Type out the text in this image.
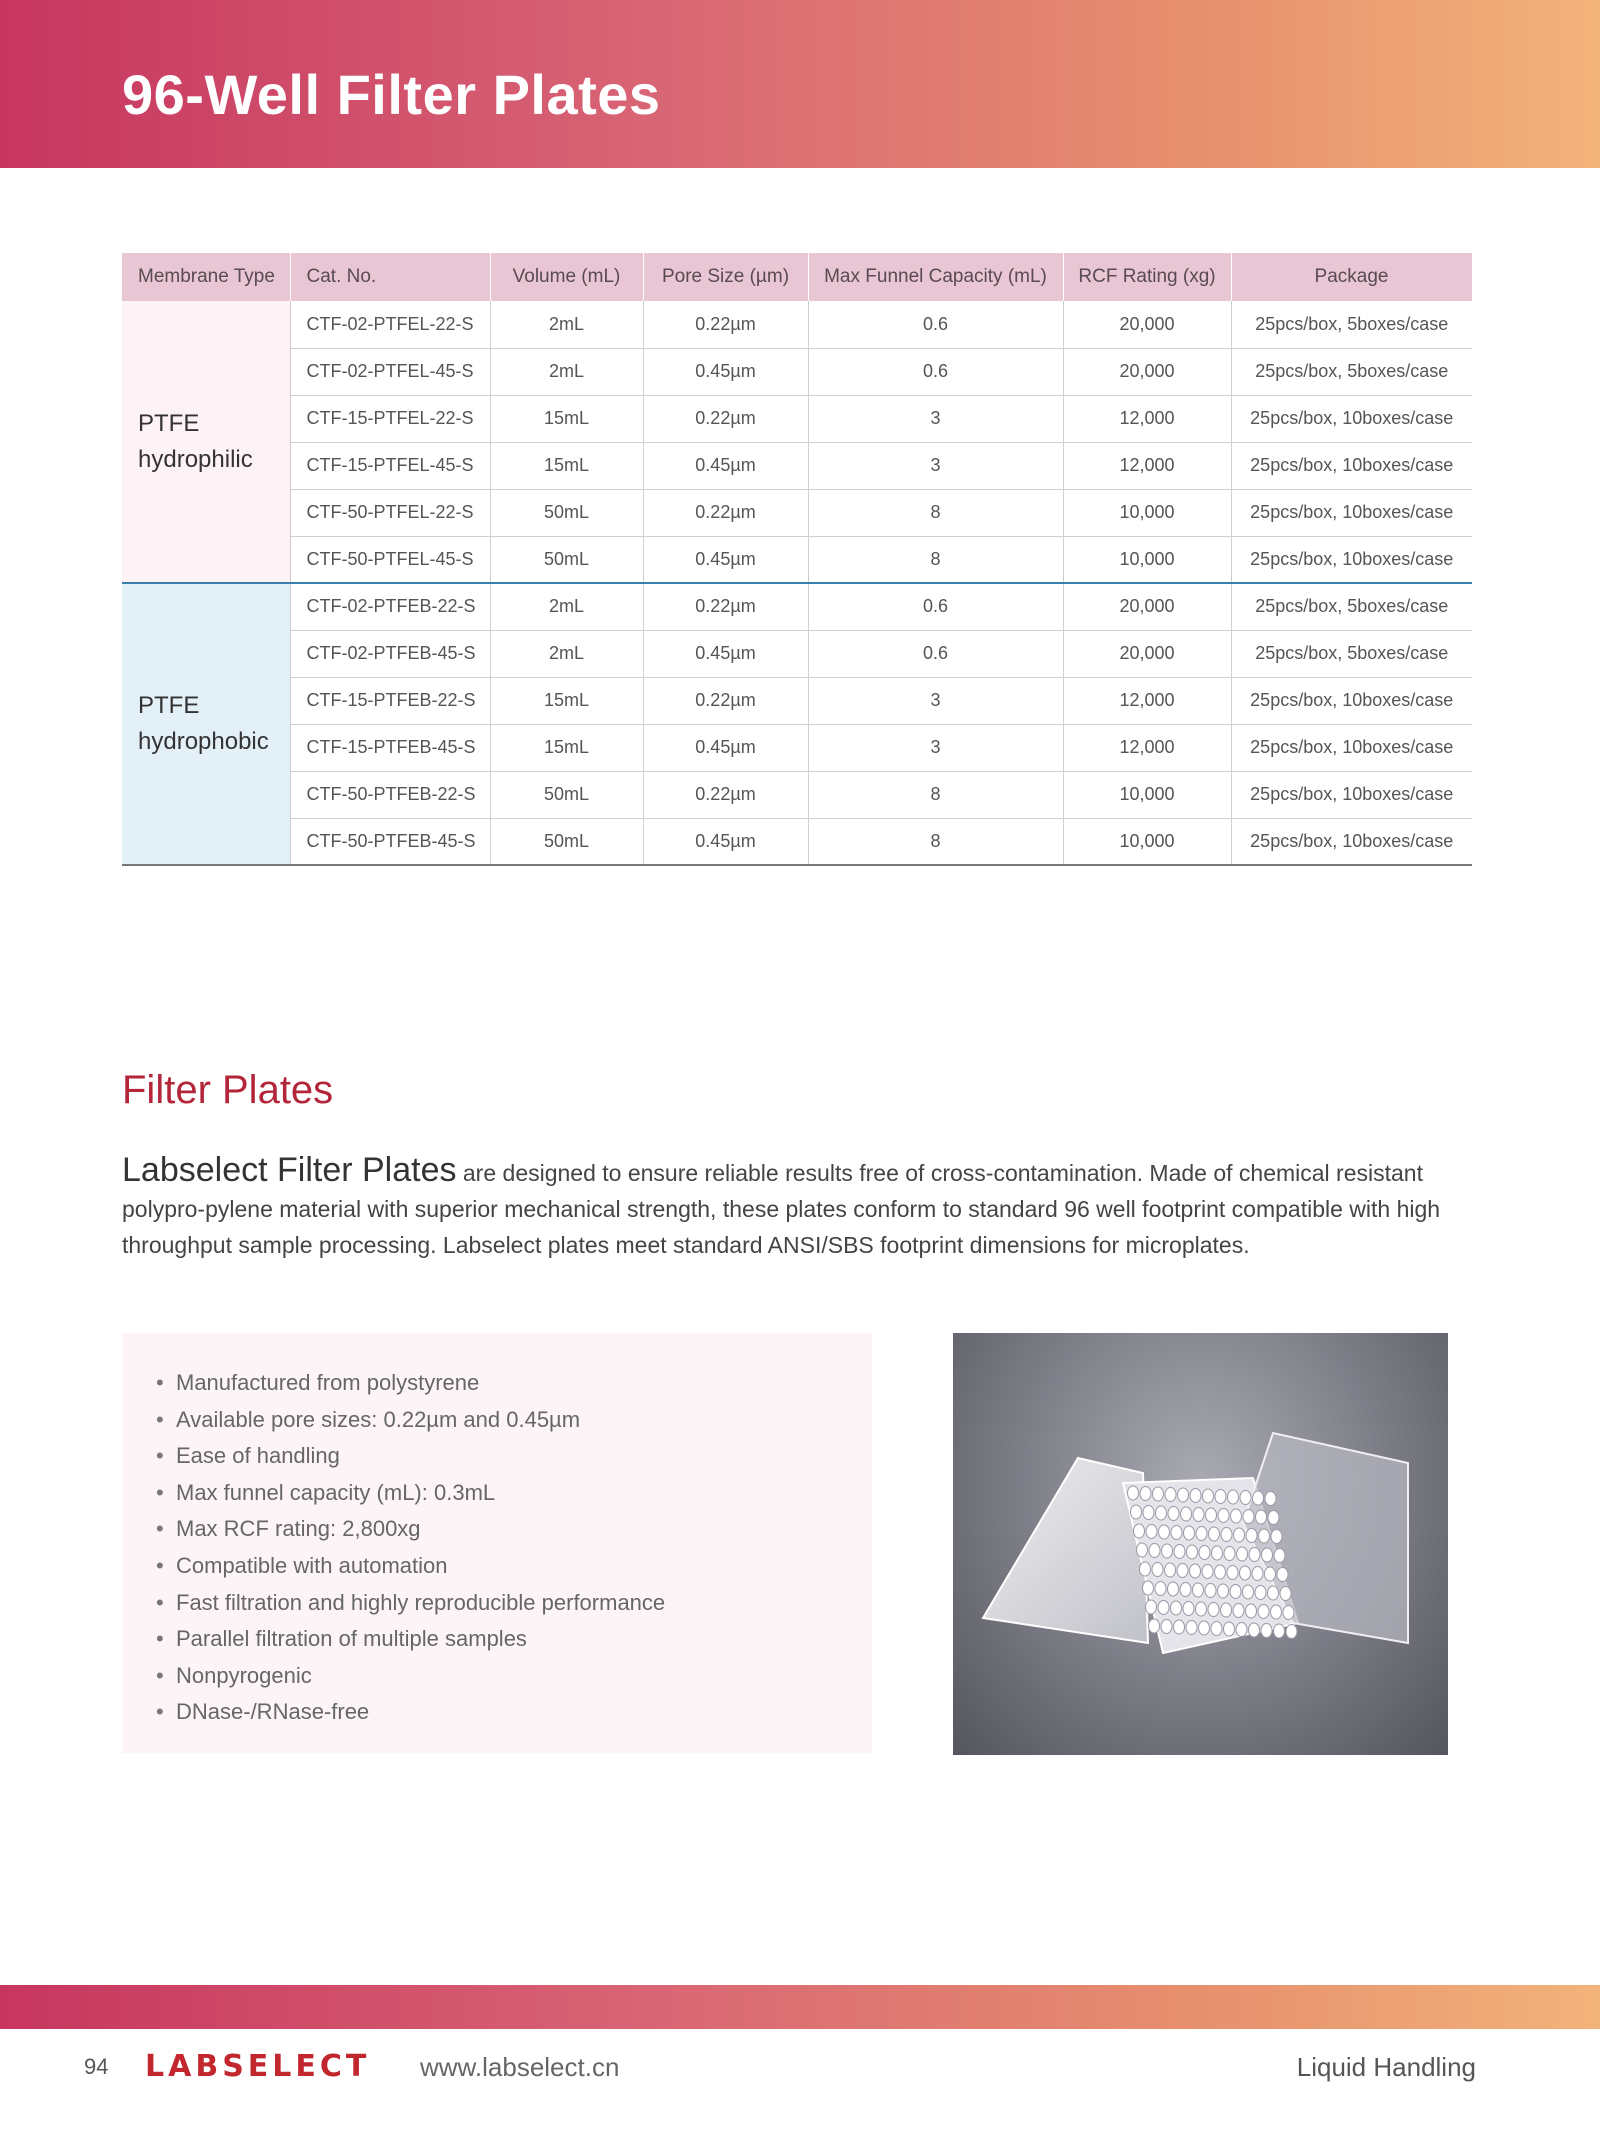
96-Well Filter Plates
Membrane Type	Cat. No.	Volume (mL)	Pore Size (µm)	Max Funnel Capacity (mL)	RCF Rating (xg)	Package

PTFE
hydrophilic	CTF-02-PTFEL-22-S	2mL	0.22µm	0.6	20,000	25pcs/box, 5boxes/case
	CTF-02-PTFEL-45-S	2mL	0.45µm	0.6	20,000	25pcs/box, 5boxes/case
	CTF-15-PTFEL-22-S	15mL	0.22µm	3	12,000	25pcs/box, 10boxes/case
	CTF-15-PTFEL-45-S	15mL	0.45µm	3	12,000	25pcs/box, 10boxes/case
	CTF-50-PTFEL-22-S	50mL	0.22µm	8	10,000	25pcs/box, 10boxes/case
	CTF-50-PTFEL-45-S	50mL	0.45µm	8	10,000	25pcs/box, 10boxes/case

PTFE
hydrophobic	CTF-02-PTFEB-22-S	2mL	0.22µm	0.6	20,000	25pcs/box, 5boxes/case
	CTF-02-PTFEB-45-S	2mL	0.45µm	0.6	20,000	25pcs/box, 5boxes/case
	CTF-15-PTFEB-22-S	15mL	0.22µm	3	12,000	25pcs/box, 10boxes/case
	CTF-15-PTFEB-45-S	15mL	0.45µm	3	12,000	25pcs/box, 10boxes/case
	CTF-50-PTFEB-22-S	50mL	0.22µm	8	10,000	25pcs/box, 10boxes/case
	CTF-50-PTFEB-45-S	50mL	0.45µm	8	10,000	25pcs/box, 10boxes/case
Filter Plates

Labselect Filter Plates are designed to ensure reliable results free of cross-contamination. Made of chemical resistant polypro-pylene material with superior mechanical strength, these plates conform to standard 96 well footprint compatible with high throughput sample processing. Labselect plates meet standard ANSI/SBS footprint dimensions for microplates.

• Manufactured from polystyrene
• Available pore sizes: 0.22µm and 0.45µm
• Ease of handling
• Max funnel capacity (mL): 0.3mL
• Max RCF rating: 2,800xg
• Compatible with automation
• Fast filtration and highly reproducible performance
• Parallel filtration of multiple samples
• Nonpyrogenic
• DNase-/RNase-free
94 LABSELECT www.labselect.cn	Liquid Handling
